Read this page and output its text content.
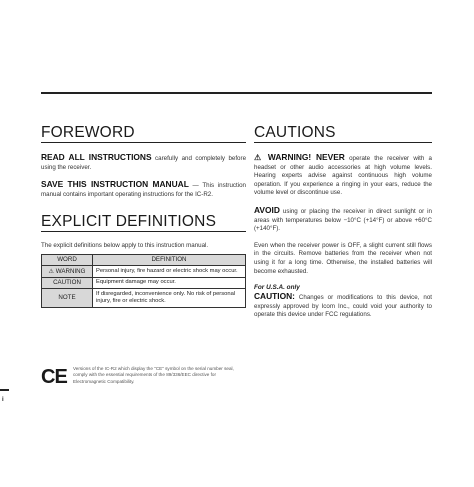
FOREWORD

READ ALL INSTRUCTIONS carefully and completely before using the receiver.

SAVE THIS INSTRUCTION MANUAL — This instruction manual contains important operating instructions for the IC-R2.

EXPLICIT DEFINITIONS

The explicit definitions below apply to this instruction manual.

WORD	DEFINITION
⚠ WARNING	Personal injury, fire hazard or electric shock may occur.
CAUTION	Equipment damage may occur.
NOTE	If disregarded, inconvenience only. No risk of personal injury, fire or electric shock.
CAUTIONS

⚠ WARNING! NEVER operate the receiver with a headset or other audio accessories at high volume levels. Hearing experts advise against continuous high volume operation. If you experience a ringing in your ears, reduce the volume level or discontinue use.

AVOID using or placing the receiver in direct sunlight or in areas with temperatures below −10°C (+14°F) or above +60°C (+140°F).

Even when the receiver power is OFF, a slight current still flows in the circuits. Remove batteries from the receiver when not using it for a long time. Otherwise, the installed batteries will become exhausted.

For U.S.A. only

CAUTION: Changes or modifications to this device, not expressly approved by Icom Inc., could void your authority to operate this device under FCC regulations.

CE Versions of the IC-R2 which display the "CE" symbol on the serial number seal, comply with the essential requirements of the 89/336/EEC directive for Electromagnetic Compatibility.
i
